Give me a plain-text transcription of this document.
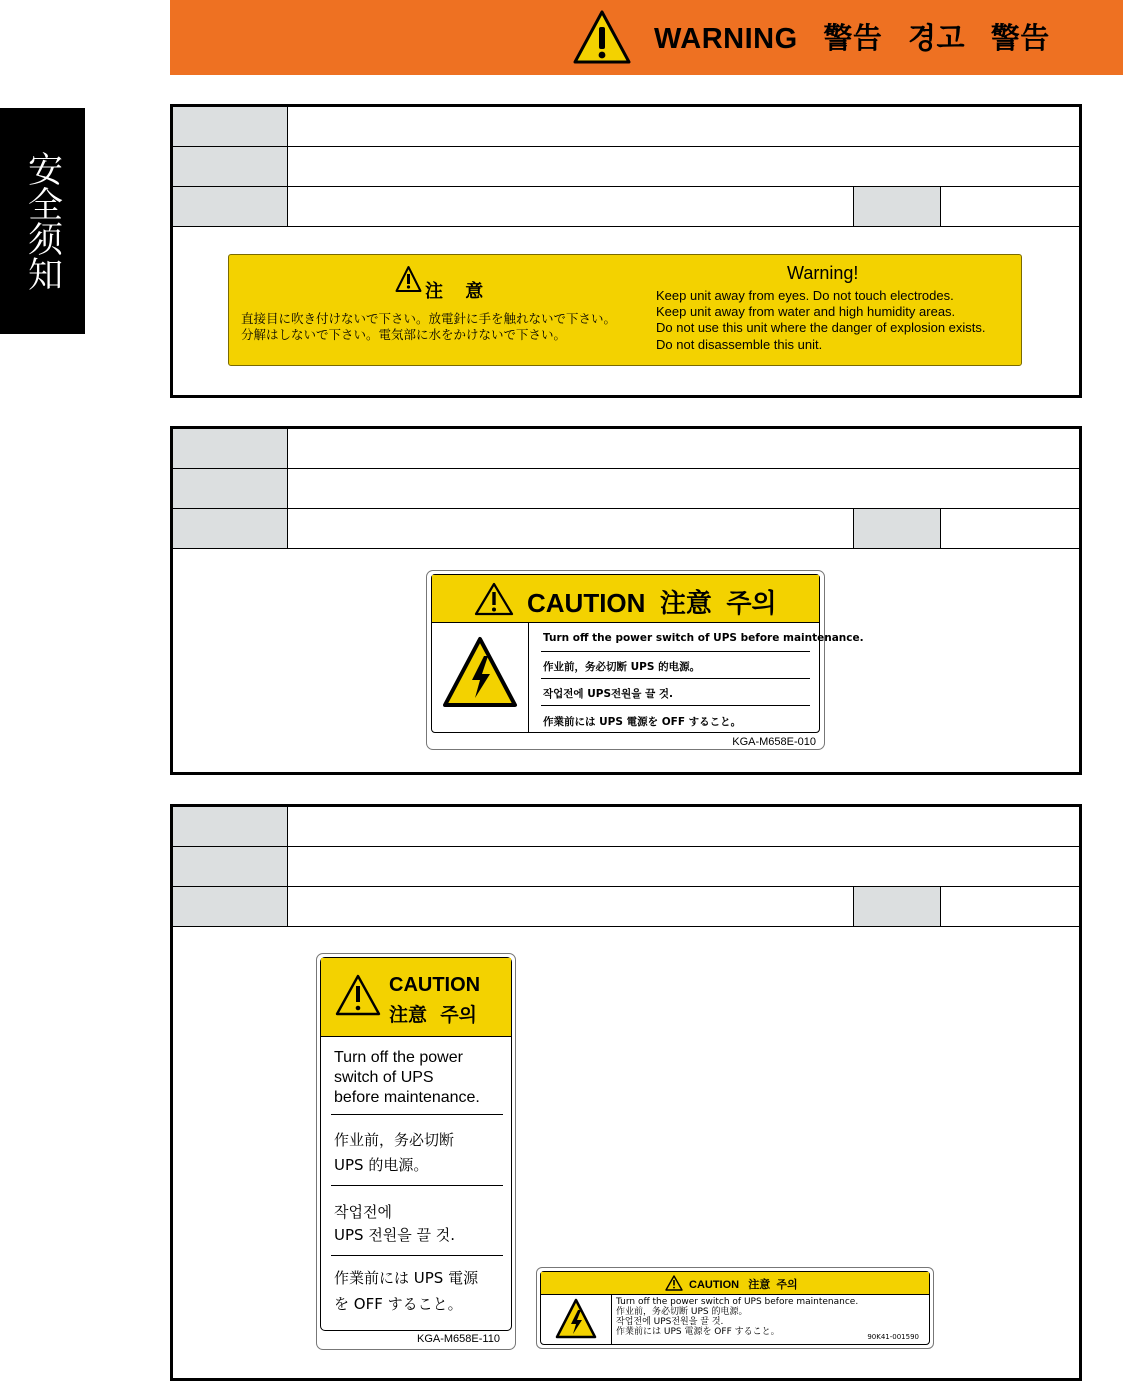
WARNING   警告   경고   警告
安全须知
注 意
直接目に吹き付けないで下さい。放電針に手を触れないで下さい。
分解はしないで下さい。電気部に水をかけないで下さい。
Warning!
Keep unit away from eyes. Do not touch electrodes.
Keep unit away from water and high humidity areas.
Do not use this unit where the danger of explosion exists.
Do not disassemble this unit.
CAUTION  注意  주의
Turn off the power switch of UPS before maintenance.
作业前，务必切断 UPS 的电源。
작업전에 UPS전원을 끌 것.
作業前には UPS 電源を OFF すること。
KGA-M658E-010
CAUTION
注意  주의
Turn off the power
switch of UPS
before maintenance.
作业前，务必切断
UPS 的电源。
작업전에
UPS 전원을 끌 것.
作業前には UPS 電源
を OFF すること。
KGA-M658E-110
CAUTION   注意  주의
Turn off the power switch of UPS before maintenance.
作业前，务必切断 UPS 的电源。
작업전에 UPS전원을 끌 것.
作業前には UPS 電源を OFF すること。	90K41-001590
